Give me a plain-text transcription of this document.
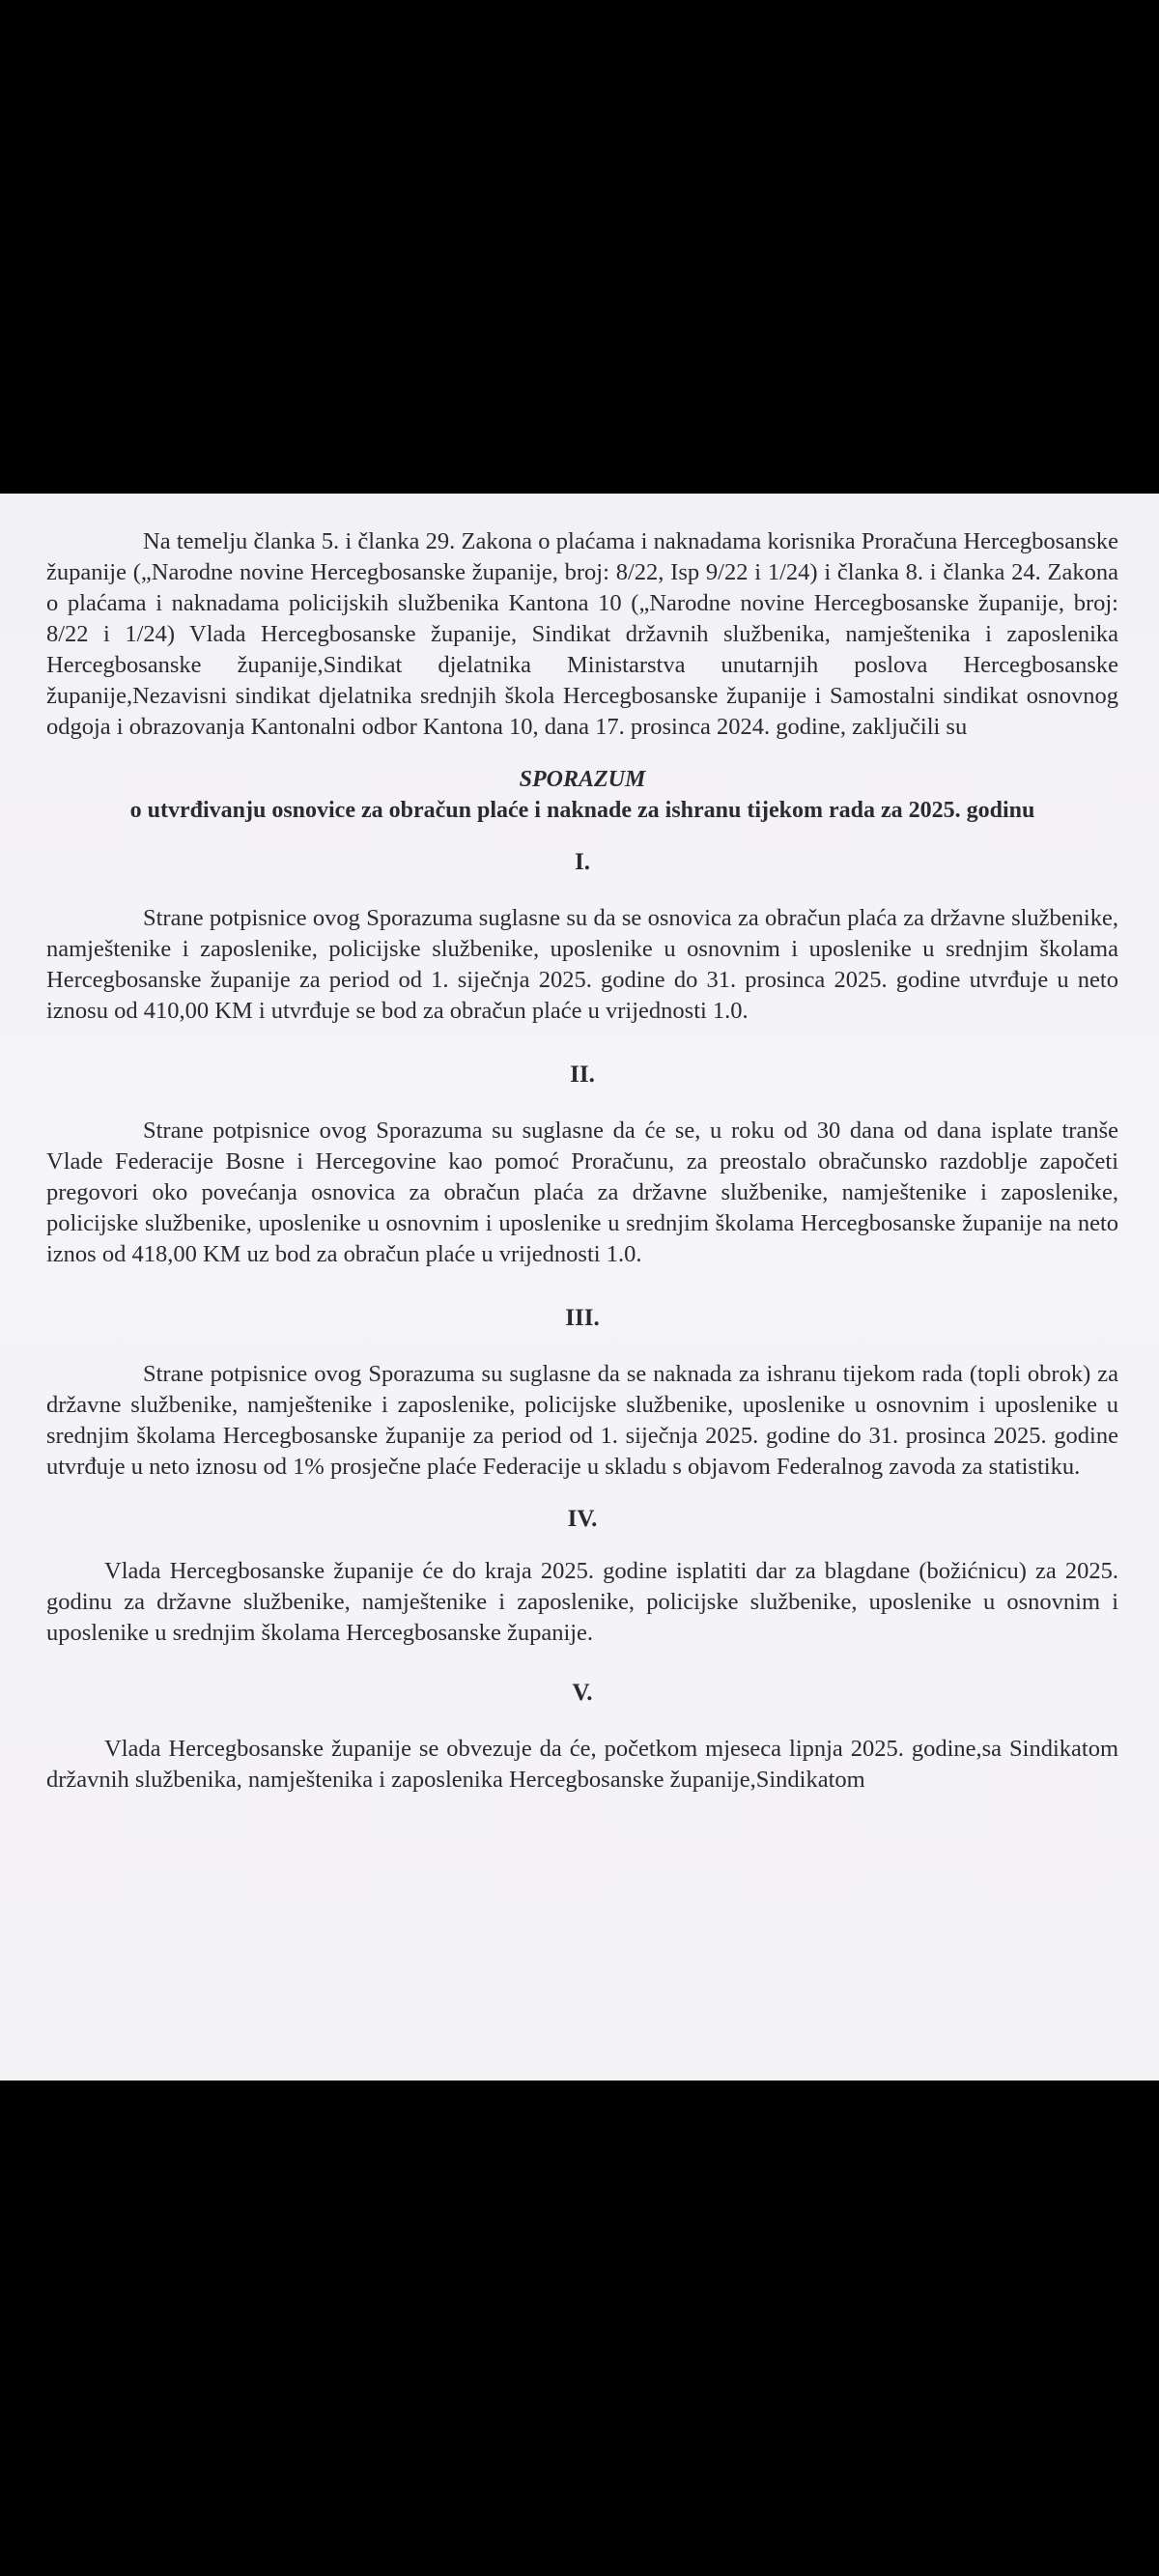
Na temelju članka 5. i članka 29. Zakona o plaćama i naknadama korisnika Proračuna Hercegbosanske županije („Narodne novine Hercegbosanske županije, broj: 8/22, Isp 9/22 i 1/24) i članka 8. i članka 24. Zakona o plaćama i naknadama policijskih službenika Kantona 10 („Narodne novine Hercegbosanske županije, broj: 8/22 i 1/24) Vlada Hercegbosanske županije, Sindikat državnih službenika, namještenika i zaposlenika Hercegbosanske županije,Sindikat djelatnika Ministarstva unutarnjih poslova Hercegbosanske županije,Nezavisni sindikat djelatnika srednjih škola Hercegbosanske županije i Samostalni sindikat osnovnog odgoja i obrazovanja Kantonalni odbor Kantona 10, dana 17. prosinca 2024. godine, zaključili su

SPORAZUM

o utvrđivanju osnovice za obračun plaće i naknade za ishranu tijekom rada za 2025. godinu

I.

Strane potpisnice ovog Sporazuma suglasne su da se osnovica za obračun plaća za državne službenike, namještenike i zaposlenike, policijske službenike, uposlenike u osnovnim i uposlenike u srednjim školama Hercegbosanske županije za period od 1. siječnja 2025. godine do 31. prosinca 2025. godine utvrđuje u neto iznosu od 410,00 KM i utvrđuje se bod za obračun plaće u vrijednosti 1.0.

II.

Strane potpisnice ovog Sporazuma su suglasne da će se, u roku od 30 dana od dana isplate tranše Vlade Federacije Bosne i Hercegovine kao pomoć Proračunu, za preostalo obračunsko razdoblje započeti pregovori oko povećanja osnovica za obračun plaća za državne službenike, namještenike i zaposlenike, policijske službenike, uposlenike u osnovnim i uposlenike u srednjim školama Hercegbosanske županije na neto iznos od 418,00 KM uz bod za obračun plaće u vrijednosti 1.0.

III.

Strane potpisnice ovog Sporazuma su suglasne da se naknada za ishranu tijekom rada (topli obrok) za državne službenike, namještenike i zaposlenike, policijske službenike, uposlenike u osnovnim i uposlenike u srednjim školama Hercegbosanske županije za period od 1. siječnja 2025. godine do 31. prosinca 2025. godine utvrđuje u neto iznosu od 1% prosječne plaće Federacije u skladu s objavom Federalnog zavoda za statistiku.

IV.

Vlada Hercegbosanske županije će do kraja 2025. godine isplatiti dar za blagdane (božićnicu) za 2025. godinu za državne službenike, namještenike i zaposlenike, policijske službenike, uposlenike u osnovnim i uposlenike u srednjim školama Hercegbosanske županije.

V.

Vlada Hercegbosanske županije se obvezuje da će, početkom mjeseca lipnja 2025. godine,sa Sindikatom državnih službenika, namještenika i zaposlenika Hercegbosanske županije,Sindikatom
